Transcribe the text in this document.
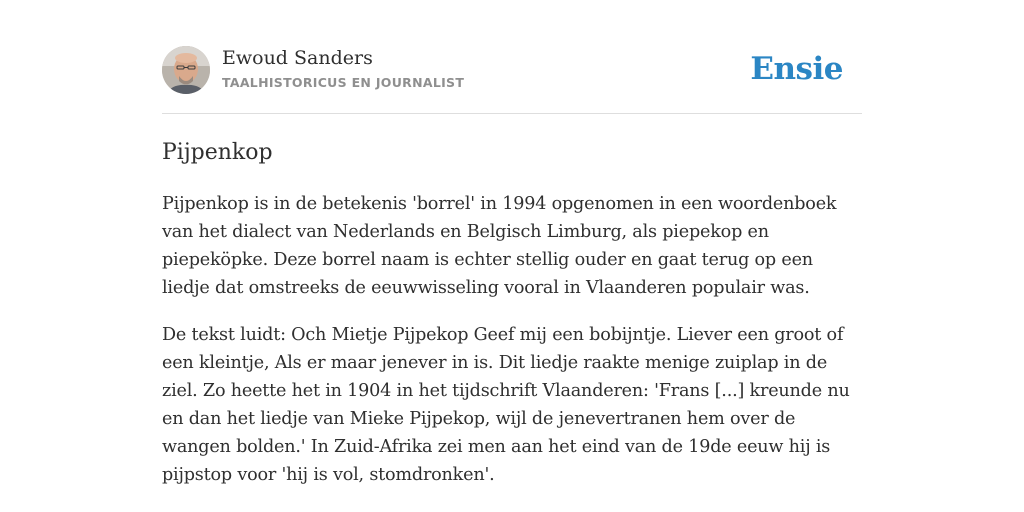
Ewoud Sanders
TAALHISTORICUS EN JOURNALIST	Ensie
Pijpenkop

Pijpenkop is in de betekenis 'borrel' in 1994 opgenomen in een woordenboek van het dialect van Nederlands en Belgisch Limburg, als piepekop en piepeköpke. Deze borrel naam is echter stellig ouder en gaat terug op een liedje dat omstreeks de eeuwwisseling vooral in Vlaanderen populair was.

De tekst luidt: Och Mietje Pijpekop Geef mij een bobijntje. Liever een groot of een kleintje, Als er maar jenever in is. Dit liedje raakte menige zuiplap in de ziel. Zo heette het in 1904 in het tijdschrift Vlaanderen: 'Frans [...] kreunde nu en dan het liedje van Mieke Pijpekop, wijl de jenevertranen hem over de wangen bolden.' In Zuid-Afrika zei men aan het eind van de 19de eeuw hij is pijpstop voor 'hij is vol, stomdronken'.
